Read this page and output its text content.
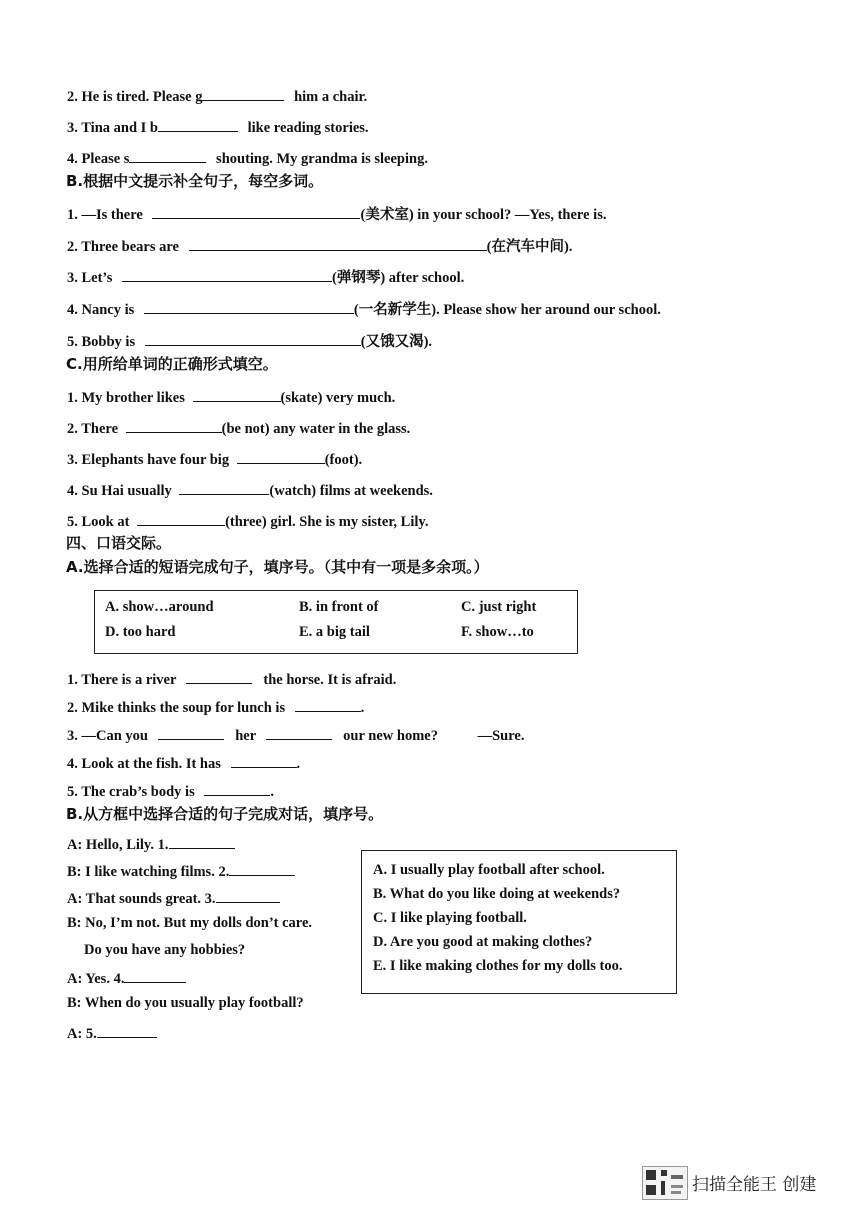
2. He is tired. Please g	him a chair.
3. Tina and I b	like reading stories.
4. Please s	shouting. My grandma is sleeping.
B.根据中文提示补全句子，每空多词。
1. —Is there	(美术室) in your school? —Yes, there is.
2. Three bears are	(在汽车中间).
3. Let’s	(弹钢琴) after school.
4. Nancy is	(一名新学生). Please show her around our school.
5. Bobby is	(又饿又渴).
C.用所给单词的正确形式填空。
1. My brother likes	(skate) very much.
2. There	(be not) any water in the glass.
3. Elephants have four big	(foot).
4. Su Hai usually	(watch) films at weekends.
5. Look at	(three) girl. She is my sister, Lily.
四、口语交际。
A.选择合适的短语完成句子，填序号。（其中有一项是多余项。）
A. show…around	B. in front of	C. just right
D. too hard	E. a big tail	F. show…to
1. There is a river	the horse. It is afraid.
2. Mike thinks the soup for lunch is	.
3. —Can you	her	our new home?	—Sure.
4. Look at the fish. It has	.
5. The crab’s body is	.
B.从方框中选择合适的句子完成对话，填序号。
A: Hello, Lily. 1.
B: I like watching films. 2.
A: That sounds great. 3.
B: No, I’m not. But my dolls don’t care.
Do you have any hobbies?
A: Yes. 4.
B: When do you usually play football?
A: 5.
A. I usually play football after school.
B. What do you like doing at weekends?
C. I like playing football.
D. Are you good at making clothes?
E. I like making clothes for my dolls too.
扫描全能王 创建
